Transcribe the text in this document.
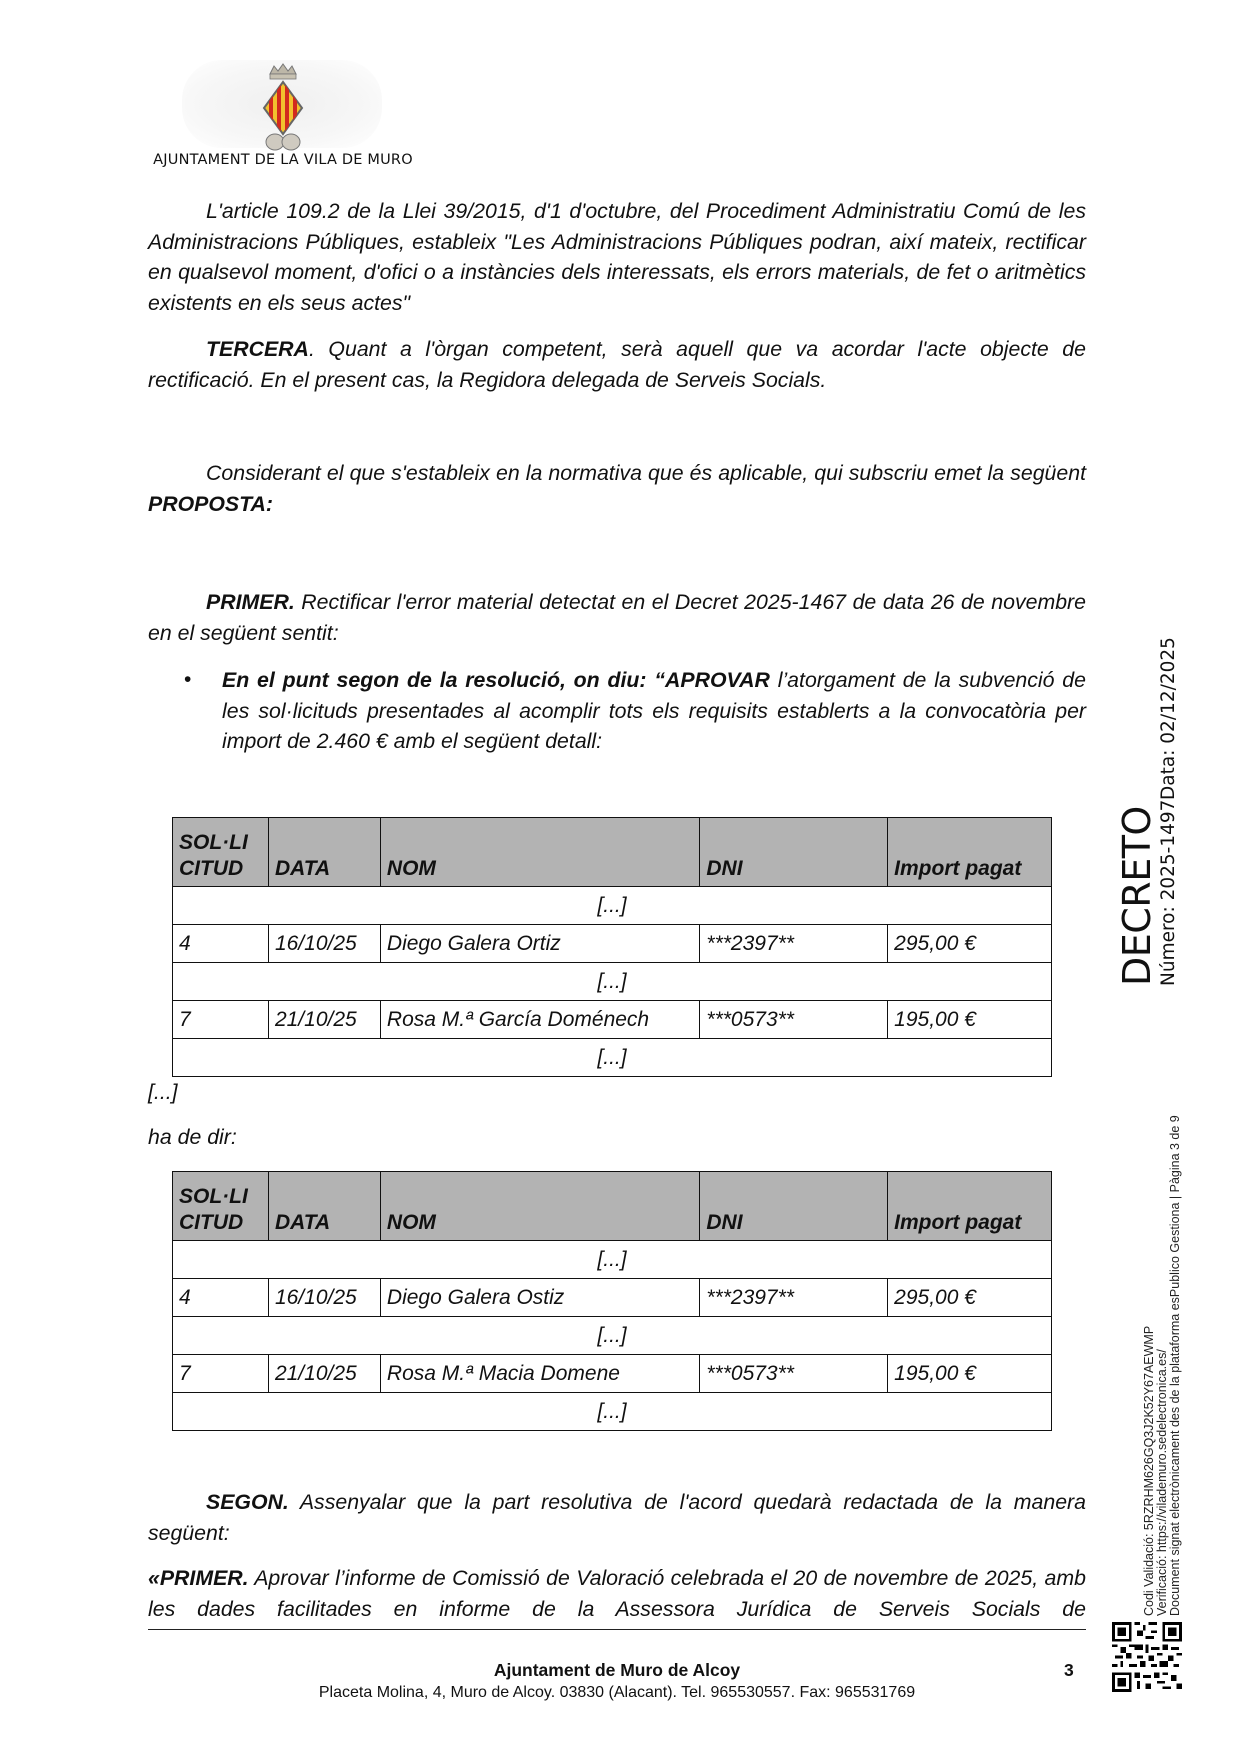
AJUNTAMENT DE LA VILA DE MURO
L'article 109.2 de la Llei 39/2015, d'1 d'octubre, del Procediment Administratiu Comú de les Administracions Públiques, estableix "Les Administracions Públiques podran, així mateix, rectificar en qualsevol moment, d'ofici o a instàncies dels interessats, els errors materials, de fet o aritmètics existents en els seus actes"
TERCERA. Quant a l'òrgan competent, serà aquell que va acordar l'acte objecte de rectificació. En el present cas, la Regidora delegada de Serveis Socials.
Considerant el que s'estableix en la normativa que és aplicable, qui subscriu emet la següent PROPOSTA:
PRIMER. Rectificar l'error material detectat en el Decret 2025-1467 de data 26 de novembre en el següent sentit:
• En el punt segon de la resolució, on diu: “APROVAR l’atorgament de la subvenció de les sol·licituds presentades al acomplir tots els requisits establerts a la convocatòria per import de 2.460 € amb el següent detall:
SOL·LI
CITUD	DATA	NOM	DNI	Import pagat
[...]				
4	16/10/25	Diego Galera Ortiz	***2397**	295,00 €
[...]				
7	21/10/25	Rosa M.ª García Doménech	***0573**	195,00 €
[...]				
[...]
ha de dir:
SOL·LI
CITUD	DATA	NOM	DNI	Import pagat
[...]				
4	16/10/25	Diego Galera Ostiz	***2397**	295,00 €
[...]				
7	21/10/25	Rosa M.ª Macia Domene	***0573**	195,00 €
[...]				
SEGON. Assenyalar que la part resolutiva de l'acord quedarà redactada de la manera següent:
«PRIMER. Aprovar l’informe de Comissió de Valoració celebrada el 20 de novembre de 2025, amb les dades facilitades en informe de la Assessora Jurídica de Serveis Socials de
Ajuntament de Muro de Alcoy
Placeta Molina, 4, Muro de Alcoy. 03830 (Alacant). Tel. 965530557. Fax: 965531769
3
DECRETO Número: 2025-1497
Data: 02/12/2025
Codi Validació: 5RZRHM626GQ3J2K52Y67AEWMP Verificació: https://vilademuro.sedelectronica.es/ Document signat electrònicament des de la plataforma esPublico Gestiona | Pàgina 3 de 9
